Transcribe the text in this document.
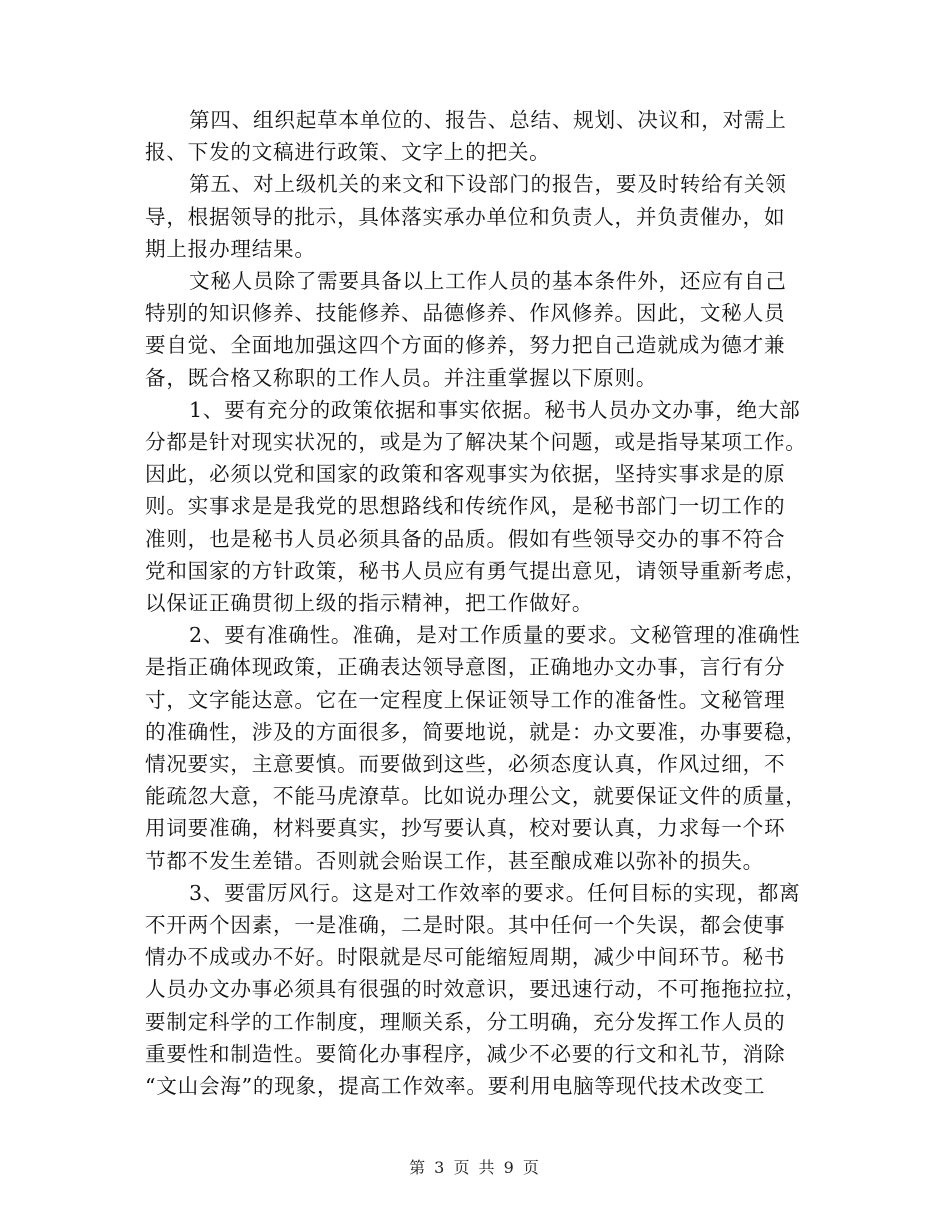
第四、组织起草本单位的、报告、总结、规划、决议和，对需上
报、下发的文稿进行政策、文字上的把关。

第五、对上级机关的来文和下设部门的报告，要及时转给有关领
导，根据领导的批示，具体落实承办单位和负责人，并负责催办，如
期上报办理结果。

文秘人员除了需要具备以上工作人员的基本条件外，还应有自己
特别的知识修养、技能修养、品德修养、作风修养。因此，文秘人员
要自觉、全面地加强这四个方面的修养，努力把自己造就成为德才兼
备，既合格又称职的工作人员。并注重掌握以下原则。

1、要有充分的政策依据和事实依据。秘书人员办文办事，绝大部
分都是针对现实状况的，或是为了解决某个问题，或是指导某项工作。
因此，必须以党和国家的政策和客观事实为依据，坚持实事求是的原
则。实事求是是我党的思想路线和传统作风，是秘书部门一切工作的
准则，也是秘书人员必须具备的品质。假如有些领导交办的事不符合
党和国家的方针政策，秘书人员应有勇气提出意见，请领导重新考虑，
以保证正确贯彻上级的指示精神，把工作做好。

2、要有准确性。准确，是对工作质量的要求。文秘管理的准确性
是指正确体现政策，正确表达领导意图，正确地办文办事，言行有分
寸，文字能达意。它在一定程度上保证领导工作的准备性。文秘管理
的准确性，涉及的方面很多，简要地说，就是：办文要准，办事要稳，
情况要实，主意要慎。而要做到这些，必须态度认真，作风过细，不
能疏忽大意，不能马虎潦草。比如说办理公文，就要保证文件的质量，
用词要准确，材料要真实，抄写要认真，校对要认真，力求每一个环
节都不发生差错。否则就会贻误工作，甚至酿成难以弥补的损失。

3、要雷厉风行。这是对工作效率的要求。任何目标的实现，都离
不开两个因素，一是准确，二是时限。其中任何一个失误，都会使事
情办不成或办不好。时限就是尽可能缩短周期，减少中间环节。秘书
人员办文办事必须具有很强的时效意识，要迅速行动，不可拖拖拉拉，
要制定科学的工作制度，理顺关系，分工明确，充分发挥工作人员的
重要性和制造性。要简化办事程序，减少不必要的行文和礼节，消除
“文山会海”的现象，提高工作效率。要利用电脑等现代技术改变工

第 3 页 共 9 页
